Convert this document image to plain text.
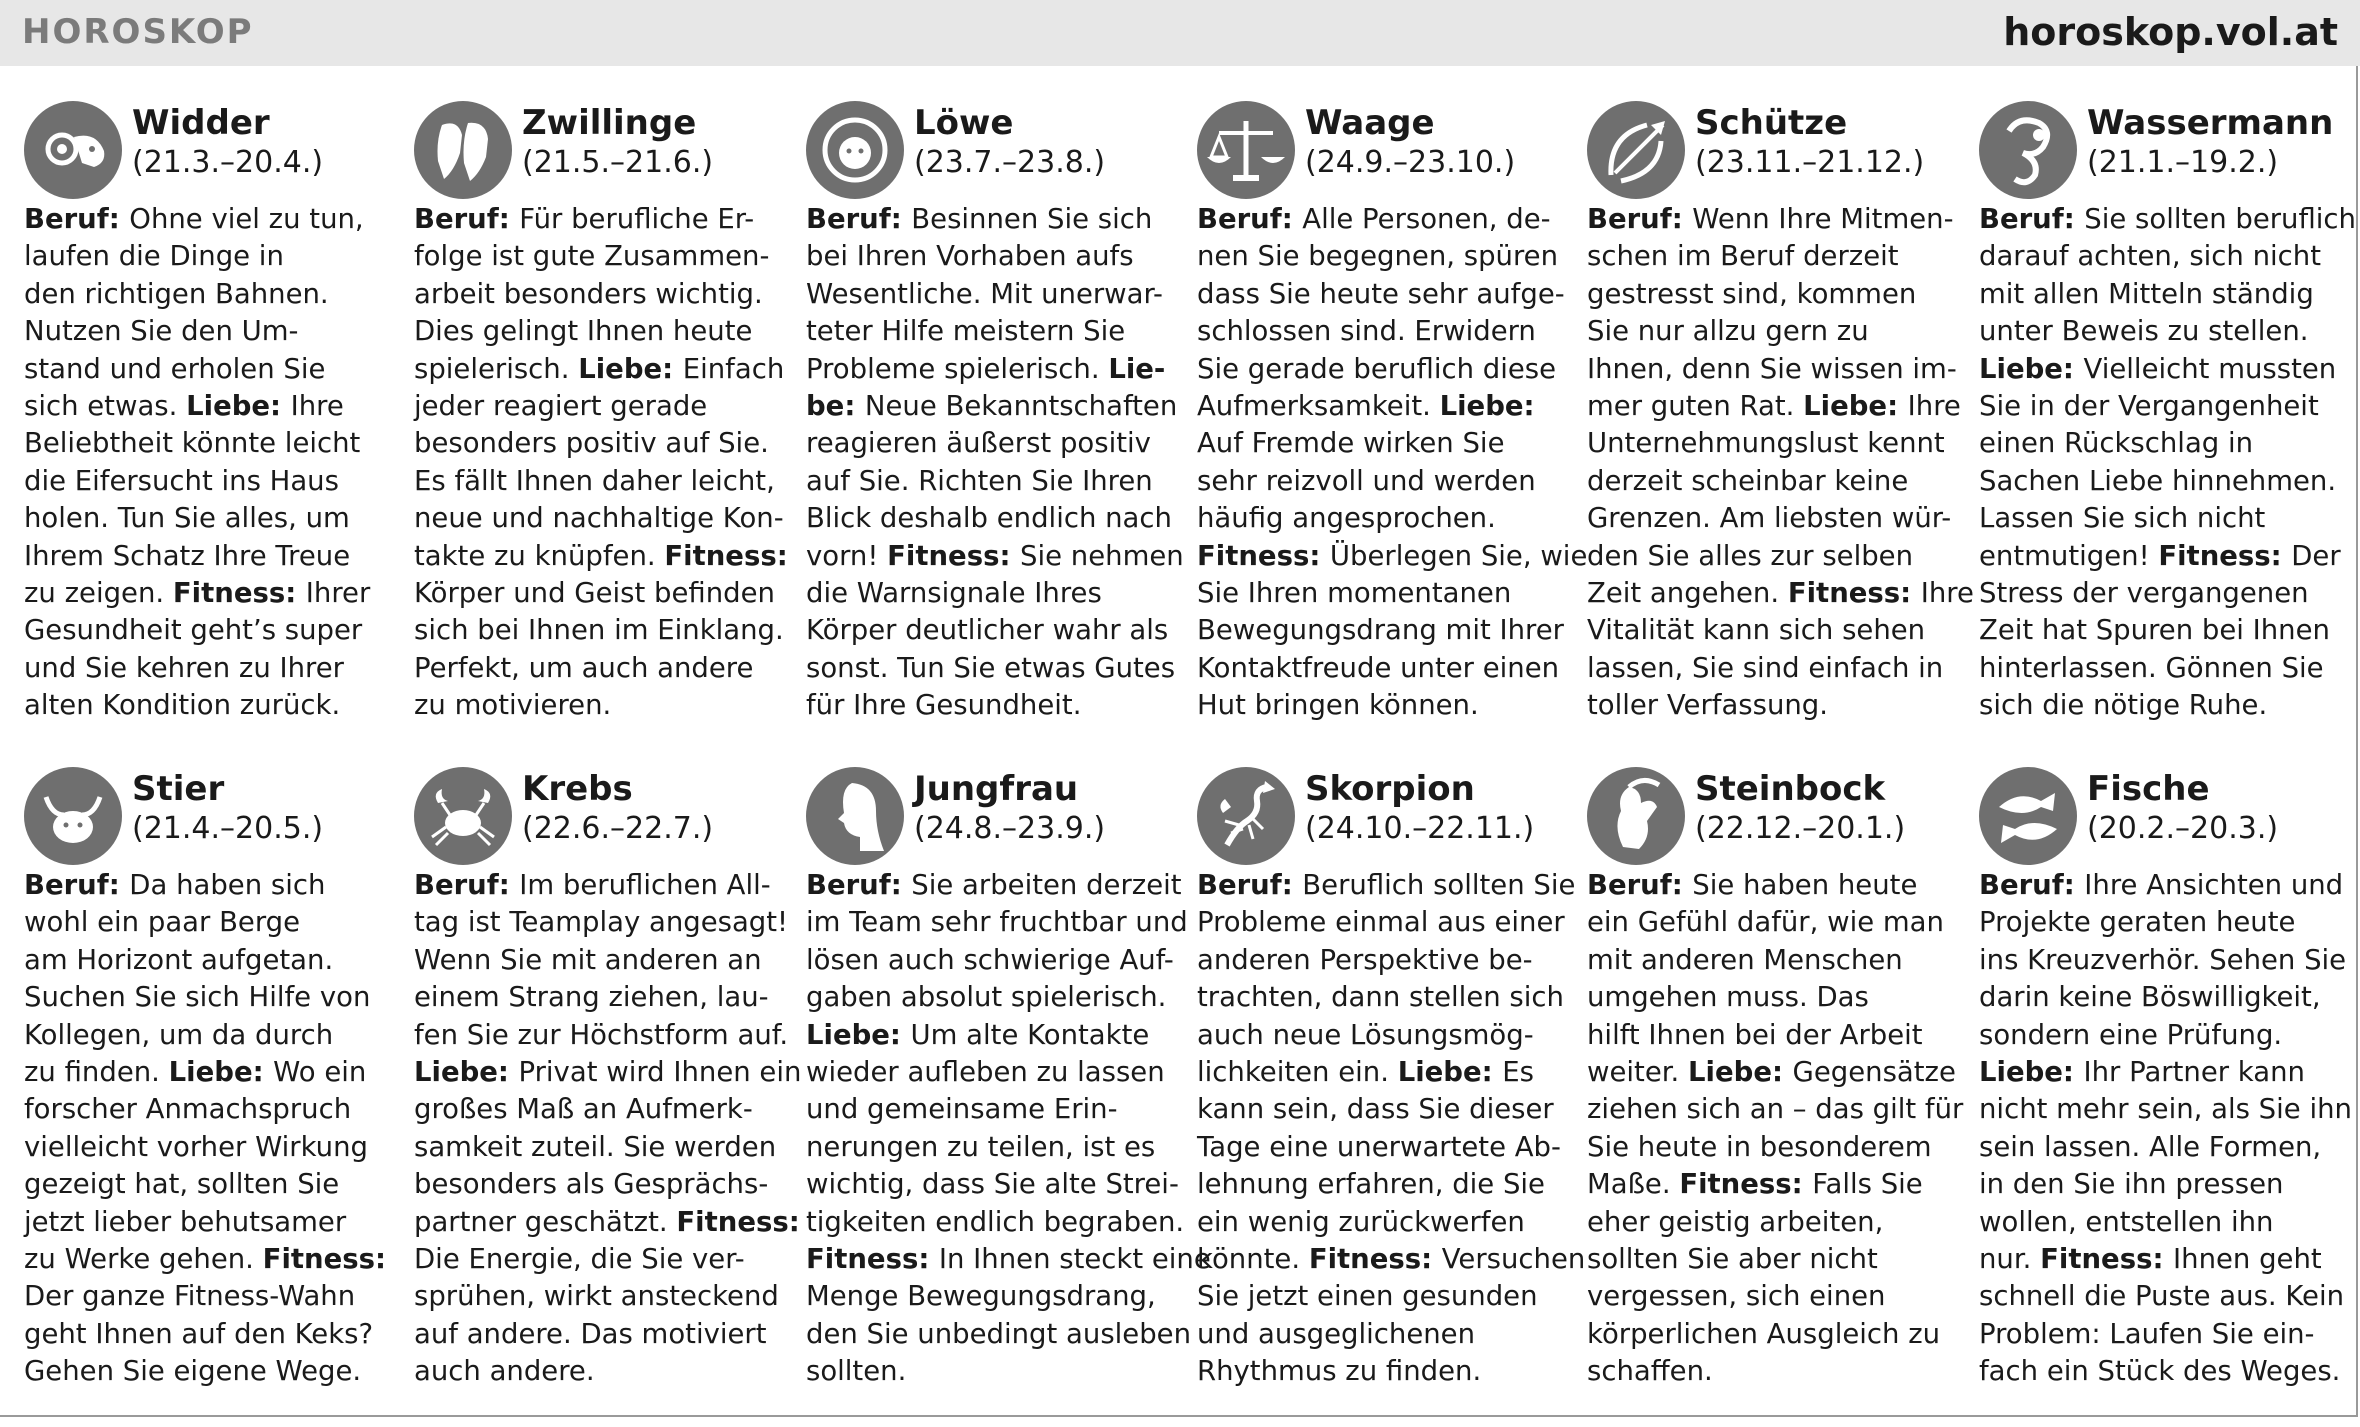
HOROSKOP	horoskop.vol.at
Widder
(21.3.–20.4.)

Beruf: Ohne viel zu tun,

laufen die Dinge in

den richtigen Bahnen.

Nutzen Sie den Um-

stand und erholen Sie

sich etwas. Liebe: Ihre

Beliebtheit könnte leicht

die Eifersucht ins Haus

holen. Tun Sie alles, um

Ihrem Schatz Ihre Treue

zu zeigen. Fitness: Ihrer

Gesundheit geht’s super

und Sie kehren zu Ihrer

alten Kondition zurück.

Zwillinge
(21.5.–21.6.)

Beruf: Für berufliche Er-

folge ist gute Zusammen-

arbeit besonders wichtig.

Dies gelingt Ihnen heute

spielerisch. Liebe: Einfach

jeder reagiert gerade

besonders positiv auf Sie.

Es fällt Ihnen daher leicht,

neue und nachhaltige Kon-

takte zu knüpfen. Fitness:

Körper und Geist befinden

sich bei Ihnen im Einklang.

Perfekt, um auch andere

zu motivieren.

Löwe
(23.7.–23.8.)

Beruf: Besinnen Sie sich

bei Ihren Vorhaben aufs

Wesentliche. Mit unerwar-

teter Hilfe meistern Sie

Probleme spielerisch. Lie-

be: Neue Bekanntschaften

reagieren äußerst positiv

auf Sie. Richten Sie Ihren

Blick deshalb endlich nach

vorn! Fitness: Sie nehmen

die Warnsignale Ihres

Körper deutlicher wahr als

sonst. Tun Sie etwas Gutes

für Ihre Gesundheit.

Waage
(24.9.–23.10.)

Beruf: Alle Personen, de-

nen Sie begegnen, spüren

dass Sie heute sehr aufge-

schlossen sind. Erwidern

Sie gerade beruflich diese

Aufmerksamkeit. Liebe:

Auf Fremde wirken Sie

sehr reizvoll und werden

häufig angesprochen.

Fitness: Überlegen Sie, wie

Sie Ihren momentanen

Bewegungsdrang mit Ihrer

Kontaktfreude unter einen

Hut bringen können.

Schütze
(23.11.–21.12.)

Beruf: Wenn Ihre Mitmen-

schen im Beruf derzeit

gestresst sind, kommen

Sie nur allzu gern zu

Ihnen, denn Sie wissen im-

mer guten Rat. Liebe: Ihre

Unternehmungslust kennt

derzeit scheinbar keine

Grenzen. Am liebsten wür-

den Sie alles zur selben

Zeit angehen. Fitness: Ihre

Vitalität kann sich sehen

lassen, Sie sind einfach in

toller Verfassung.

Wassermann
(21.1.–19.2.)

Beruf: Sie sollten beruflich

darauf achten, sich nicht

mit allen Mitteln ständig

unter Beweis zu stellen.

Liebe: Vielleicht mussten

Sie in der Vergangenheit

einen Rückschlag in

Sachen Liebe hinnehmen.

Lassen Sie sich nicht

entmutigen! Fitness: Der

Stress der vergangenen

Zeit hat Spuren bei Ihnen

hinterlassen. Gönnen Sie

sich die nötige Ruhe.

Stier
(21.4.–20.5.)

Beruf: Da haben sich

wohl ein paar Berge

am Horizont aufgetan.

Suchen Sie sich Hilfe von

Kollegen, um da durch

zu finden. Liebe: Wo ein

forscher Anmachspruch

vielleicht vorher Wirkung

gezeigt hat, sollten Sie

jetzt lieber behutsamer

zu Werke gehen. Fitness:

Der ganze Fitness-Wahn

geht Ihnen auf den Keks?

Gehen Sie eigene Wege.

Krebs
(22.6.–22.7.)

Beruf: Im beruflichen All-

tag ist Teamplay angesagt!

Wenn Sie mit anderen an

einem Strang ziehen, lau-

fen Sie zur Höchstform auf.

Liebe: Privat wird Ihnen ein

großes Maß an Aufmerk-

samkeit zuteil. Sie werden

besonders als Gesprächs-

partner geschätzt. Fitness:

Die Energie, die Sie ver-

sprühen, wirkt ansteckend

auf andere. Das motiviert

auch andere.

Jungfrau
(24.8.–23.9.)

Beruf: Sie arbeiten derzeit

im Team sehr fruchtbar und

lösen auch schwierige Auf-

gaben absolut spielerisch.

Liebe: Um alte Kontakte

wieder aufleben zu lassen

und gemeinsame Erin-

nerungen zu teilen, ist es

wichtig, dass Sie alte Strei-

tigkeiten endlich begraben.

Fitness: In Ihnen steckt eine

Menge Bewegungsdrang,

den Sie unbedingt ausleben

sollten.

Skorpion
(24.10.–22.11.)

Beruf: Beruflich sollten Sie

Probleme einmal aus einer

anderen Perspektive be-

trachten, dann stellen sich

auch neue Lösungsmög-

lichkeiten ein. Liebe: Es

kann sein, dass Sie dieser

Tage eine unerwartete Ab-

lehnung erfahren, die Sie

ein wenig zurückwerfen

könnte. Fitness: Versuchen

Sie jetzt einen gesunden

und ausgeglichenen

Rhythmus zu finden.

Steinbock
(22.12.–20.1.)

Beruf: Sie haben heute

ein Gefühl dafür, wie man

mit anderen Menschen

umgehen muss. Das

hilft Ihnen bei der Arbeit

weiter. Liebe: Gegensätze

ziehen sich an – das gilt für

Sie heute in besonderem

Maße. Fitness: Falls Sie

eher geistig arbeiten,

sollten Sie aber nicht

vergessen, sich einen

körperlichen Ausgleich zu

schaffen.

Fische
(20.2.–20.3.)

Beruf: Ihre Ansichten und

Projekte geraten heute

ins Kreuzverhör. Sehen Sie

darin keine Böswilligkeit,

sondern eine Prüfung.

Liebe: Ihr Partner kann

nicht mehr sein, als Sie ihn

sein lassen. Alle Formen,

in den Sie ihn pressen

wollen, entstellen ihn

nur. Fitness: Ihnen geht

schnell die Puste aus. Kein

Problem: Laufen Sie ein-

fach ein Stück des Weges.
